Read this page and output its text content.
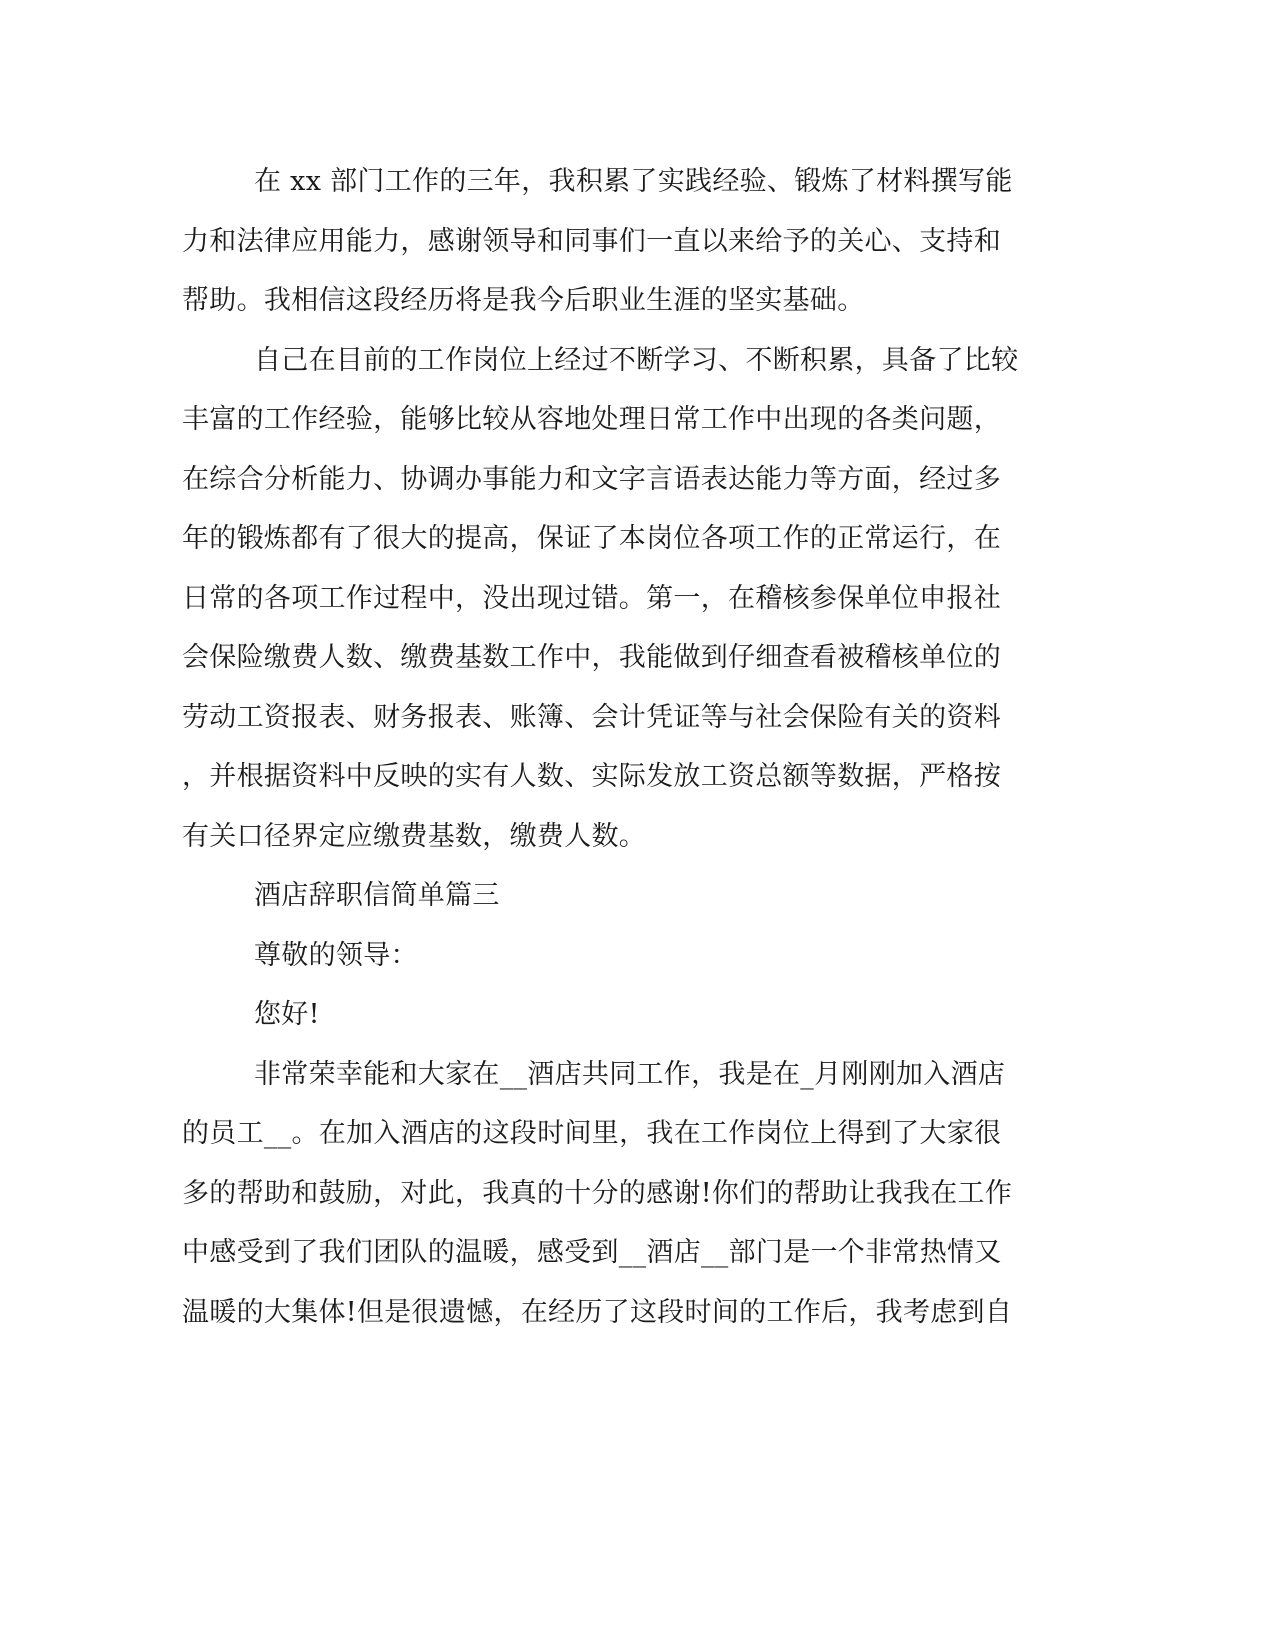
在 xx 部门工作的三年，我积累了实践经验、锻炼了材料撰写能
力和法律应用能力，感谢领导和同事们一直以来给予的关心、支持和
帮助。我相信这段经历将是我今后职业生涯的坚实基础。
自己在目前的工作岗位上经过不断学习、不断积累，具备了比较
丰富的工作经验，能够比较从容地处理日常工作中出现的各类问题，
在综合分析能力、协调办事能力和文字言语表达能力等方面，经过多
年的锻炼都有了很大的提高，保证了本岗位各项工作的正常运行，在
日常的各项工作过程中，没出现过错。第一，在稽核参保单位申报社
会保险缴费人数、缴费基数工作中，我能做到仔细查看被稽核单位的
劳动工资报表、财务报表、账簿、会计凭证等与社会保险有关的资料
，并根据资料中反映的实有人数、实际发放工资总额等数据，严格按
有关口径界定应缴费基数，缴费人数。
酒店辞职信简单篇三
尊敬的领导：
您好!
非常荣幸能和大家在__酒店共同工作，我是在_月刚刚加入酒店
的员工__。在加入酒店的这段时间里，我在工作岗位上得到了大家很
多的帮助和鼓励，对此，我真的十分的感谢!你们的帮助让我我在工作
中感受到了我们团队的温暖，感受到__酒店__部门是一个非常热情又
温暖的大集体!但是很遗憾，在经历了这段时间的工作后，我考虑到自
